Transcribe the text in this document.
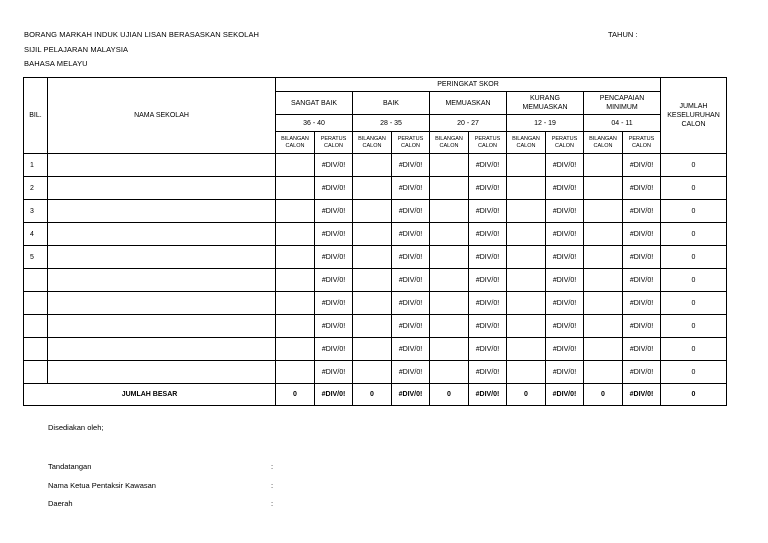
BORANG MARKAH INDUK UJIAN LISAN BERASASKAN SEKOLAH
SIJIL PELAJARAN MALAYSIA
BAHASA MELAYU
TAHUN :
BIL.	NAMA SEKOLAH	PERINGKAT SKOR										JUMLAH KESELURUHAN CALON
		SANGAT BAIK		BAIK		MEMUASKAN		KURANG MEMUASKAN		PENCAPAIAN MINIMUM		
		36 - 40		28 - 35		20 - 27		12 - 19		04 - 11		
		BILANGAN CALON	PERATUS CALON	BILANGAN CALON	PERATUS CALON	BILANGAN CALON	PERATUS CALON	BILANGAN CALON	PERATUS CALON	BILANGAN CALON	PERATUS CALON	
1			#DIV/0!		#DIV/0!		#DIV/0!		#DIV/0!		#DIV/0!	0
2			#DIV/0!		#DIV/0!		#DIV/0!		#DIV/0!		#DIV/0!	0
3			#DIV/0!		#DIV/0!		#DIV/0!		#DIV/0!		#DIV/0!	0
4			#DIV/0!		#DIV/0!		#DIV/0!		#DIV/0!		#DIV/0!	0
5			#DIV/0!		#DIV/0!		#DIV/0!		#DIV/0!		#DIV/0!	0
			#DIV/0!		#DIV/0!		#DIV/0!		#DIV/0!		#DIV/0!	0
			#DIV/0!		#DIV/0!		#DIV/0!		#DIV/0!		#DIV/0!	0
			#DIV/0!		#DIV/0!		#DIV/0!		#DIV/0!		#DIV/0!	0
			#DIV/0!		#DIV/0!		#DIV/0!		#DIV/0!		#DIV/0!	0
			#DIV/0!		#DIV/0!		#DIV/0!		#DIV/0!		#DIV/0!	0
JUMLAH BESAR		0	#DIV/0!	0	#DIV/0!	0	#DIV/0!	0	#DIV/0!	0	#DIV/0!	0
Disediakan oleh;
Tandatangan	:
Nama Ketua Pentaksir Kawasan	:
Daerah	:
